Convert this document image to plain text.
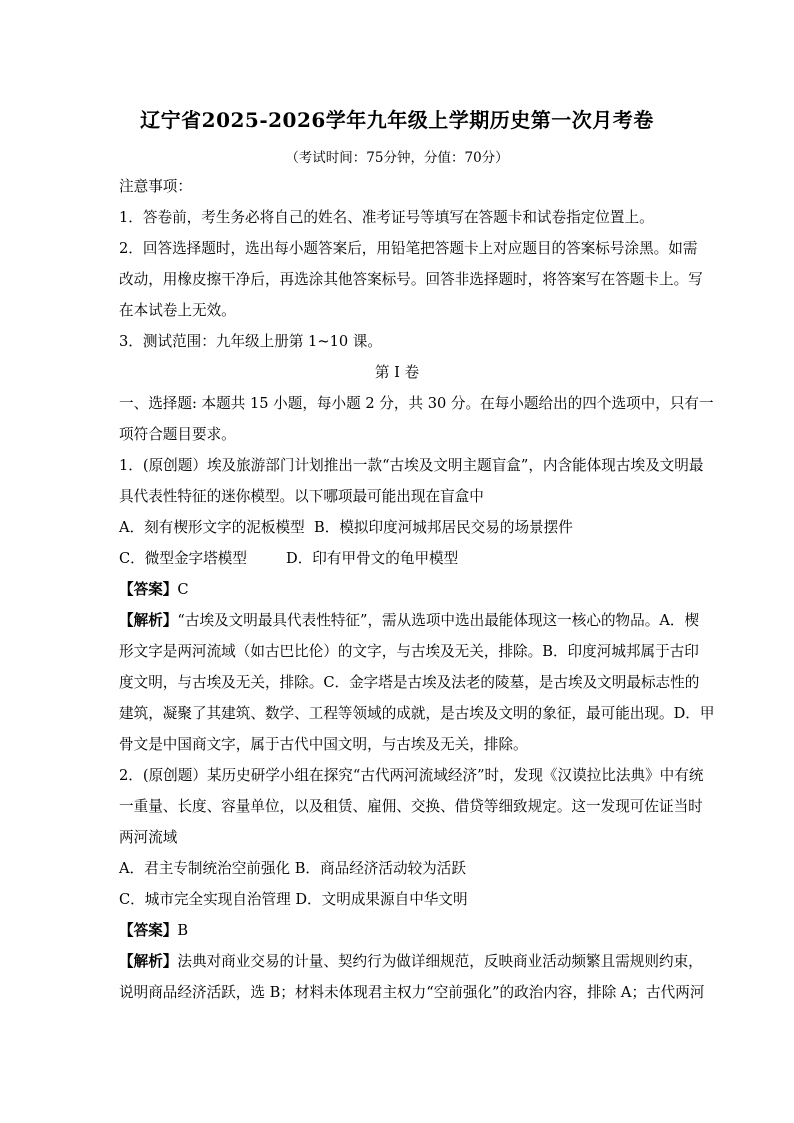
辽宁省2025-2026学年九年级上学期历史第一次月考卷
（考试时间：75分钟，分值：70分）
注意事项：
1．答卷前，考生务必将自己的姓名、准考证号等填写在答题卡和试卷指定位置上。
2．回答选择题时，选出每小题答案后，用铅笔把答题卡上对应题目的答案标号涂黑。如需
改动，用橡皮擦干净后，再选涂其他答案标号。回答非选择题时，将答案写在答题卡上。写
在本试卷上无效。
3．测试范围：九年级上册第 1~10 课。
第 I 卷
一、选择题: 本题共 15 小题，每小题 2 分，共 30 分。在每小题给出的四个选项中，只有一
项符合题目要求。
1．(原创题）埃及旅游部门计划推出一款“古埃及文明主题盲盒”，内含能体现古埃及文明最
具代表性特征的迷你模型。以下哪项最可能出现在盲盒中
A．刻有楔形文字的泥板模型 B．模拟印度河城邦居民交易的场景摆件
C．微型金字塔模型	D．印有甲骨文的龟甲模型
【答案】C
【解析】“古埃及文明最具代表性特征”，需从选项中选出最能体现这一核心的物品。A．楔
形文字是两河流域（如古巴比伦）的文字，与古埃及无关，排除。B．印度河城邦属于古印
度文明，与古埃及无关，排除。C．金字塔是古埃及法老的陵墓，是古埃及文明最标志性的
建筑，凝聚了其建筑、数学、工程等领域的成就，是古埃及文明的象征，最可能出现。D．甲
骨文是中国商文字，属于古代中国文明，与古埃及无关，排除。
2．(原创题）某历史研学小组在探究“古代两河流域经济”时，发现《汉谟拉比法典》中有统
一重量、长度、容量单位，以及租赁、雇佣、交换、借贷等细致规定。这一发现可佐证当时
两河流域
A．君主专制统治空前强化 B．商品经济活动较为活跃
C．城市完全实现自治管理 D．文明成果源自中华文明
【答案】B
【解析】法典对商业交易的计量、契约行为做详细规范，反映商业活动频繁且需规则约束，
说明商品经济活跃，选 B；材料未体现君主权力“空前强化”的政治内容，排除 A；古代两河
